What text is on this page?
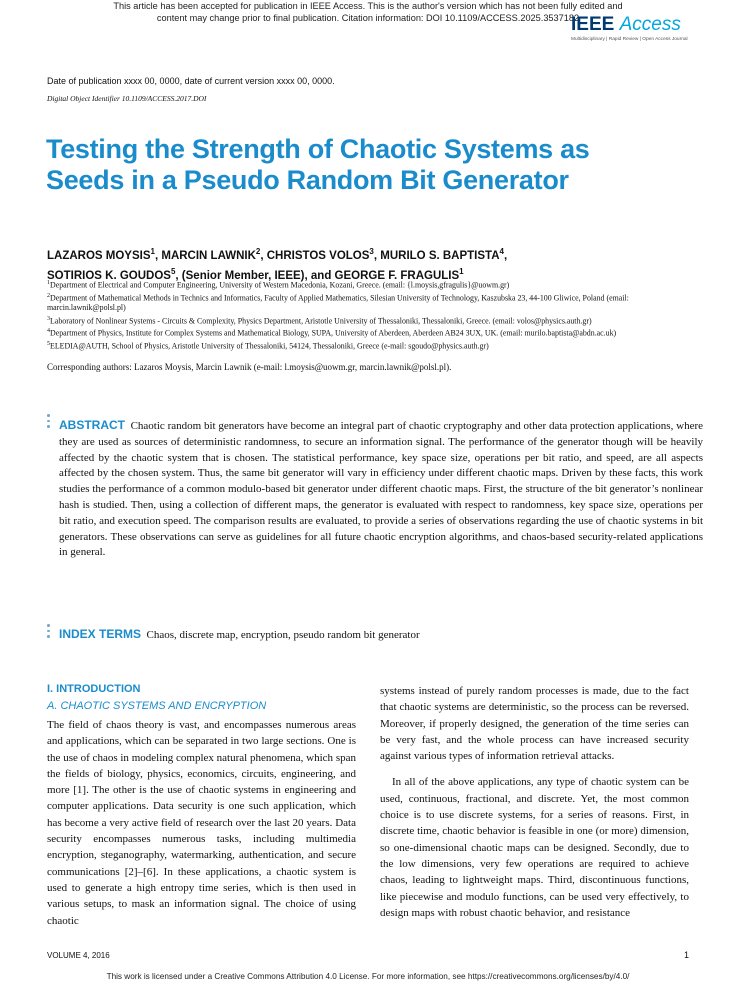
This article has been accepted for publication in IEEE Access. This is the author's version which has not been fully edited and
content may change prior to final publication. Citation information: DOI 10.1109/ACCESS.2025.3537182
IEEE Access
Multidisciplinary | Rapid Review | Open Access Journal
Date of publication xxxx 00, 0000, date of current version xxxx 00, 0000.
Digital Object Identifier 10.1109/ACCESS.2017.DOI
Testing the Strength of Chaotic Systems as Seeds in a Pseudo Random Bit Generator
LAZAROS MOYSIS$^1$, MARCIN LAWNIK$^2$, CHRISTOS VOLOS$^3$, MURILO S. BAPTISTA$^4$,
SOTIRIOS K. GOUDOS$^5$, (Senior Member, IEEE), and GEORGE F. FRAGULIS$^1$
$^1$Department of Electrical and Computer Engineering, University of Western Macedonia, Kozani, Greece. (email: {l.moysis,gfragulis}@uowm.gr)
$^2$Department of Mathematical Methods in Technics and Informatics, Faculty of Applied Mathematics, Silesian University of Technology, Kaszubska 23, 44-100 Gliwice, Poland (email: marcin.lawnik@polsl.pl)
$^3$Laboratory of Nonlinear Systems - Circuits & Complexity, Physics Department, Aristotle University of Thessaloniki, Thessaloniki, Greece. (email: volos@physics.auth.gr)
$^4$Department of Physics, Institute for Complex Systems and Mathematical Biology, SUPA, University of Aberdeen, Aberdeen AB24 3UX, UK. (email: murilo.baptista@abdn.ac.uk)
$^5$ELEDIA@AUTH, School of Physics, Aristotle University of Thessaloniki, 54124, Thessaloniki, Greece (e-mail: sgoudo@physics.auth.gr)
Corresponding authors: Lazaros Moysis, Marcin Lawnik (e-mail: l.moysis@uowm.gr, marcin.lawnik@polsl.pl).
ABSTRACT Chaotic random bit generators have become an integral part of chaotic cryptography and other data protection applications, where they are used as sources of deterministic randomness, to secure an information signal. The performance of the generator though will be heavily affected by the chaotic system that is chosen. The statistical performance, key space size, operations per bit ratio, and speed, are all aspects affected by the chosen system. Thus, the same bit generator will vary in efficiency under different chaotic maps. Driven by these facts, this work studies the performance of a common modulo-based bit generator under different chaotic maps. First, the structure of the bit generator’s nonlinear hash is studied. Then, using a collection of different maps, the generator is evaluated with respect to randomness, key space size, operations per bit ratio, and execution speed. The comparison results are evaluated, to provide a series of observations regarding the use of chaotic systems in bit generators. These observations can serve as guidelines for all future chaotic encryption algorithms, and chaos-based security-related applications in general.
INDEX TERMS Chaos, discrete map, encryption, pseudo random bit generator
I. INTRODUCTION
A. CHAOTIC SYSTEMS AND ENCRYPTION

The field of chaos theory is vast, and encompasses numerous areas and applications, which can be separated in two large sections. One is the use of chaos in modeling complex natural phenomena, which span the fields of biology, physics, economics, circuits, engineering, and more [1]. The other is the use of chaotic systems in engineering and computer applications. Data security is one such application, which has become a very active field of research over the last 20 years. Data security encompasses numerous tasks, including multimedia encryption, steganography, watermarking, authentication, and secure communications [2]–[6]. In these applications, a chaotic system is used to generate a high entropy time series, which is then used in various setups, to mask an information signal. The choice of using chaotic

systems instead of purely random processes is made, due to the fact that chaotic systems are deterministic, so the process can be reversed. Moreover, if properly designed, the generation of the time series can be very fast, and the whole process can have increased security against various types of information retrieval attacks.

In all of the above applications, any type of chaotic system can be used, continuous, fractional, and discrete. Yet, the most common choice is to use discrete systems, for a series of reasons. First, in discrete time, chaotic behavior is feasible in one (or more) dimension, so one-dimensional chaotic maps can be designed. Secondly, due to the low dimensions, very few operations are required to achieve chaos, leading to lightweight maps. Third, discontinuous functions, like piecewise and modulo functions, can be used very effectively, to design maps with robust chaotic behavior, and resistance

VOLUME 4, 2016	1
This work is licensed under a Creative Commons Attribution 4.0 License. For more information, see https://creativecommons.org/licenses/by/4.0/
